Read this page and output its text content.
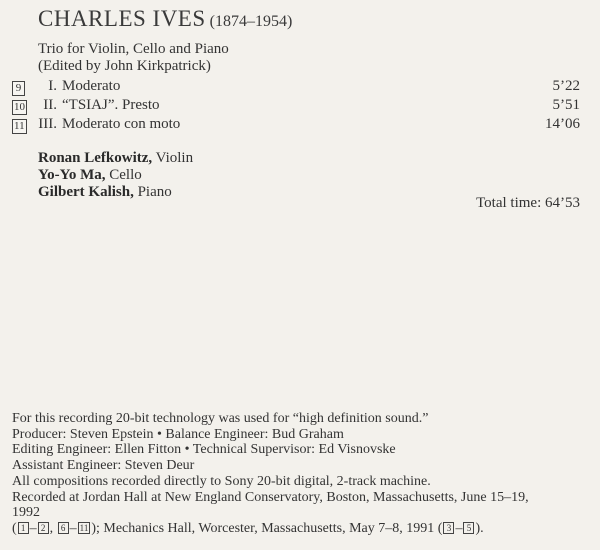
CHARLES IVES (1874–1954)
Trio for Violin, Cello and Piano
(Edited by John Kirkpatrick)
9 I. Moderato	5’22
10 II. “TSIAJ”. Presto	5’51
11 III. Moderato con moto	14’06
Ronan Lefkowitz, Violin
Yo-Yo Ma, Cello
Gilbert Kalish, Piano
Total time: 64’53
For this recording 20-bit technology was used for “high definition sound.”
Producer: Steven Epstein • Balance Engineer: Bud Graham
Editing Engineer: Ellen Fitton • Technical Supervisor: Ed Visnovske
Assistant Engineer: Steven Deur
All compositions recorded directly to Sony 20-bit digital, 2-track machine.
Recorded at Jordan Hall at New England Conservatory, Boston, Massachusetts, June 15–19,
1992
( 1 – 2 , 6 – 11 ); Mechanics Hall, Worcester, Massachusetts, May 7–8, 1991 ( 3 – 5 ).
